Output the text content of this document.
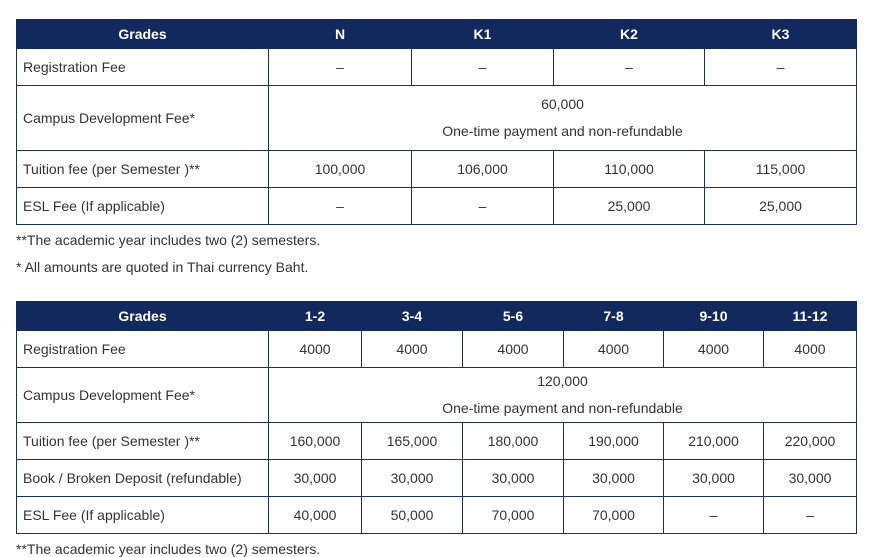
Grades	N	K1	K2	K3
Registration Fee	–	–	–	–
Campus Development Fee*	60,000
One-time payment and non-refundable			

Tuition fee (per Semester )**	100,000	106,000	110,000	115,000
ESL Fee (If applicable)	–	–	25,000	25,000
**The academic year includes two (2) semesters.
* All amounts are quoted in Thai currency Baht.
Grades	1-2	3-4	5-6	7-8	9-10	11-12
Registration Fee	4000	4000	4000	4000	4000	4000
Campus Development Fee*	120,000
One-time payment and non-refundable					

Tuition fee (per Semester )**	160,000	165,000	180,000	190,000	210,000	220,000
Book / Broken Deposit (refundable)	30,000	30,000	30,000	30,000	30,000	30,000
ESL Fee (If applicable)	40,000	50,000	70,000	70,000	–	–
**The academic year includes two (2) semesters.
